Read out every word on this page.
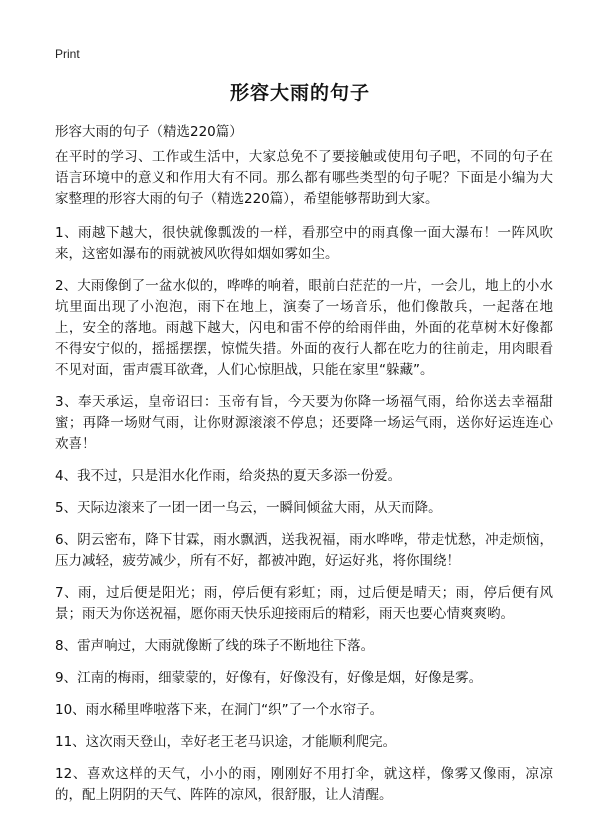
Print
形容大雨的句子
形容大雨的句子（精选220篇）

在平时的学习、工作或生活中，大家总免不了要接触或使用句子吧，不同的句子在语言环境中的意义和作用大有不同。那么都有哪些类型的句子呢？下面是小编为大家整理的形容大雨的句子（精选220篇），希望能够帮助到大家。

1、雨越下越大，很快就像瓢泼的一样，看那空中的雨真像一面大瀑布！一阵风吹来，这密如瀑布的雨就被风吹得如烟如雾如尘。

2、大雨像倒了一盆水似的，哗哗的响着，眼前白茫茫的一片，一会儿，地上的小水坑里面出现了小泡泡，雨下在地上，演奏了一场音乐，他们像散兵，一起落在地上，安全的落地。雨越下越大，闪电和雷不停的给雨伴曲，外面的花草树木好像都不得安宁似的，摇摇摆摆，惊慌失措。外面的夜行人都在吃力的往前走，用肉眼看不见对面，雷声震耳欲聋，人们心惊胆战，只能在家里“躲藏”。

3、奉天承运，皇帝诏曰：玉帝有旨，今天要为你降一场福气雨，给你送去幸福甜蜜；再降一场财气雨，让你财源滚滚不停息；还要降一场运气雨，送你好运连连心欢喜！

4、我不过，只是泪水化作雨，给炎热的夏天多添一份爱。

5、天际边滚来了一团一团一乌云，一瞬间倾盆大雨，从天而降。

6、阴云密布，降下甘霖，雨水飘洒，送我祝福，雨水哗哗，带走忧愁，冲走烦恼，压力减轻，疲劳减少，所有不好，都被冲跑，好运好兆，将你围绕！

7、雨，过后便是阳光；雨，停后便有彩虹；雨，过后便是晴天；雨，停后便有风景；雨天为你送祝福，愿你雨天快乐迎接雨后的精彩，雨天也要心情爽爽哟。

8、雷声响过，大雨就像断了线的珠子不断地往下落。

9、江南的梅雨，细蒙蒙的，好像有，好像没有，好像是烟，好像是雾。

10、雨水稀里哗啦落下来，在洞门“织”了一个水帘子。

11、这次雨天登山，幸好老王老马识途，才能顺利爬完。

12、喜欢这样的天气，小小的雨，刚刚好不用打伞，就这样，像雾又像雨，凉凉的，配上阴阴的天气、阵阵的凉风，很舒服，让人清醒。
